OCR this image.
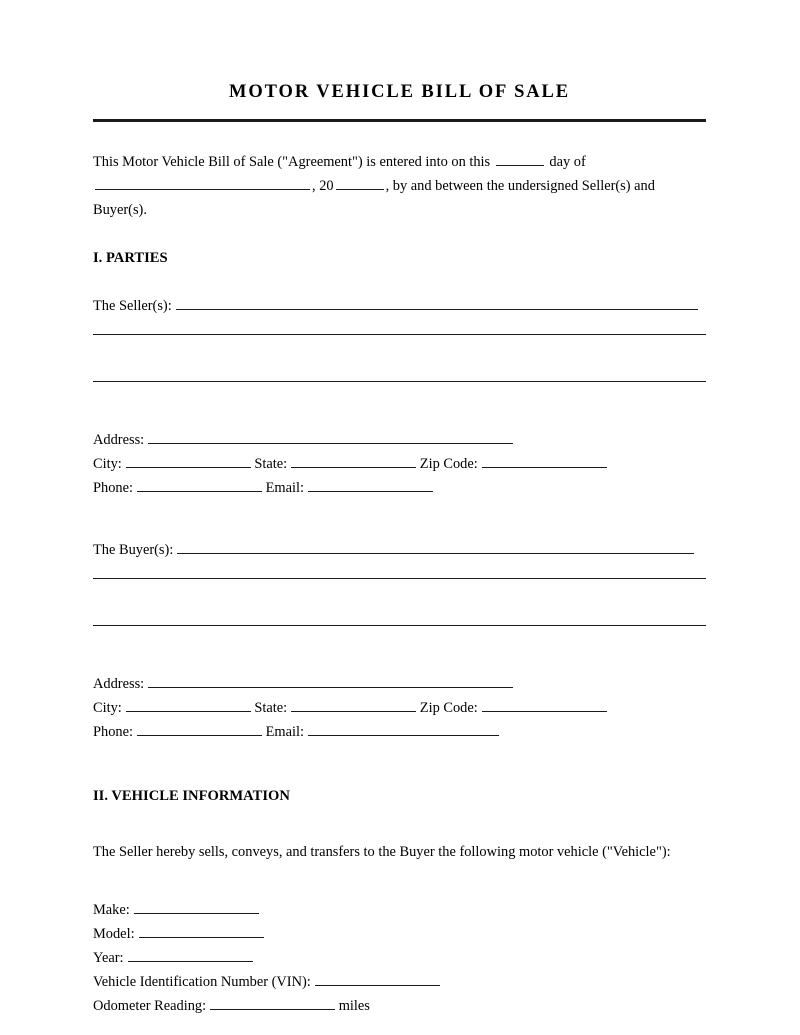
MOTOR VEHICLE BILL OF SALE
This Motor Vehicle Bill of Sale ("Agreement") is entered into on this	day of
, 20	, by and between the undersigned Seller(s) and Buyer(s).
I. PARTIES
The Seller(s):
Address:
City:	State:	Zip Code:
Phone:	Email:
The Buyer(s):
Address:
City:	State:	Zip Code:
Phone:	Email:
II. VEHICLE INFORMATION
The Seller hereby sells, conveys, and transfers to the Buyer the following motor vehicle ("Vehicle"):
Make:
Model:
Year:
Vehicle Identification Number (VIN):
Odometer Reading:	miles
